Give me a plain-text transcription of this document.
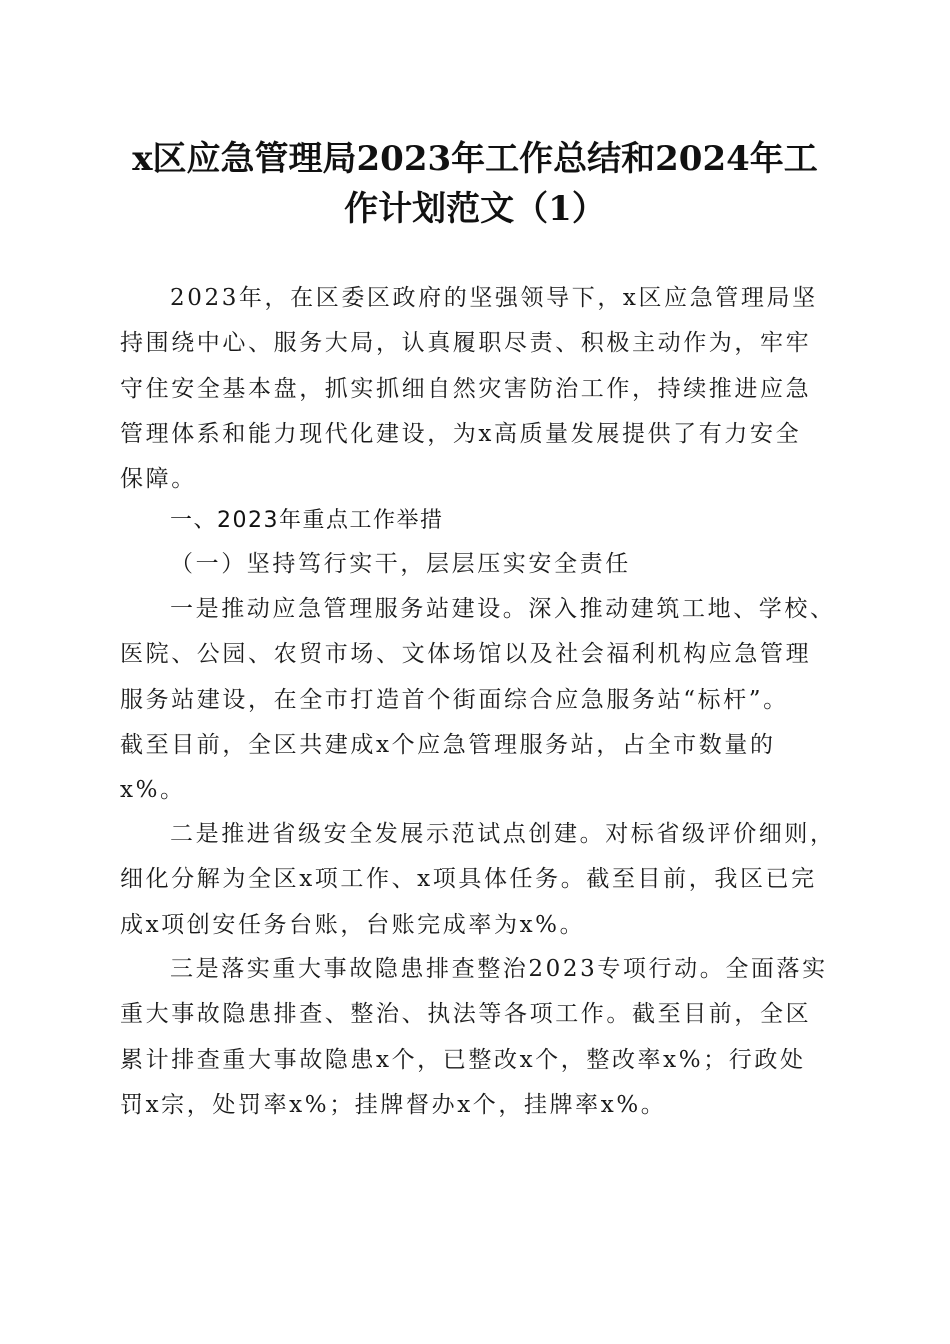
x区应急管理局2023年工作总结和2024年工
作计划范文（1）
2023年，在区委区政府的坚强领导下，x区应急管理局坚
持围绕中心、服务大局，认真履职尽责、积极主动作为，牢牢
守住安全基本盘，抓实抓细自然灾害防治工作，持续推进应急
管理体系和能力现代化建设，为x高质量发展提供了有力安全
保障。
一、2023年重点工作举措
（一）坚持笃行实干，层层压实安全责任
一是推动应急管理服务站建设。深入推动建筑工地、学校、
医院、公园、农贸市场、文体场馆以及社会福利机构应急管理
服务站建设，在全市打造首个街面综合应急服务站“标杆”。
截至目前，全区共建成x个应急管理服务站，占全市数量的
x%。
二是推进省级安全发展示范试点创建。对标省级评价细则，
细化分解为全区x项工作、x项具体任务。截至目前，我区已完
成x项创安任务台账，台账完成率为x%。
三是落实重大事故隐患排查整治2023专项行动。全面落实
重大事故隐患排查、整治、执法等各项工作。截至目前，全区
累计排查重大事故隐患x个，已整改x个，整改率x%；行政处
罚x宗，处罚率x%；挂牌督办x个，挂牌率x%。
